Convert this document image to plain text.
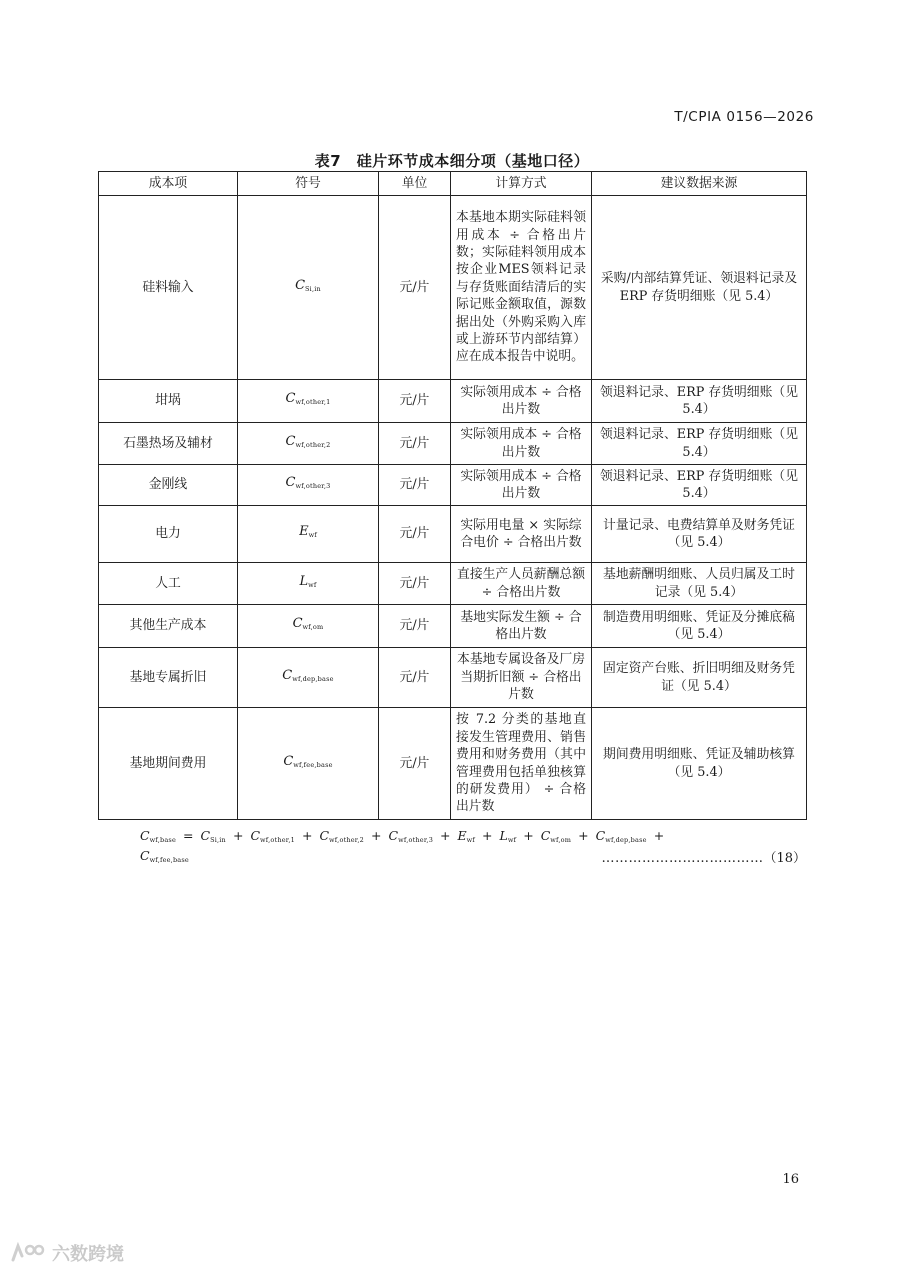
T/CPIA 0156—2026
表7　硅片环节成本细分项（基地口径）
成本项	符号	单位	计算方式	建议数据来源
硅料输入	$C_{Si,in}$	元/片	本基地本期实际硅料领用成本 ÷ 合格出片数；实际硅料领用成本按企业MES领料记录与存货账面结清后的实际记账金额取值，源数据出处（外购采购入库或上游环节内部结算）应在成本报告中说明。	采购/内部结算凭证、领退料记录及 ERP 存货明细账（见 5.4）
坩埚	$C_{wf,other,1}$	元/片	实际领用成本 ÷ 合格出片数	领退料记录、ERP 存货明细账（见 5.4）
石墨热场及辅材	$C_{wf,other,2}$	元/片	实际领用成本 ÷ 合格出片数	领退料记录、ERP 存货明细账（见 5.4）
金刚线	$C_{wf,other,3}$	元/片	实际领用成本 ÷ 合格出片数	领退料记录、ERP 存货明细账（见 5.4）
电力	$E_{wf}$	元/片	实际用电量 × 实际综合电价 ÷ 合格出片数	计量记录、电费结算单及财务凭证（见 5.4）
人工	$L_{wf}$	元/片	直接生产人员薪酬总额 ÷ 合格出片数	基地薪酬明细账、人员归属及工时记录（见 5.4）
其他生产成本	$C_{wf,om}$	元/片	基地实际发生额 ÷ 合格出片数	制造费用明细账、凭证及分摊底稿（见 5.4）
基地专属折旧	$C_{wf,dep,base}$	元/片	本基地专属设备及厂房当期折旧额 ÷ 合格出片数	固定资产台账、折旧明细及财务凭证（见 5.4）
基地期间费用	$C_{wf,fee,base}$	元/片	按 7.2 分类的基地直接发生管理费用、销售费用和财务费用（其中管理费用包括单独核算的研发费用） ÷ 合格出片数	期间费用明细账、凭证及辅助核算（见 5.4）
$C_{wf,base} = C_{Si,in} + C_{wf,other,1} + C_{wf,other,2} + C_{wf,other,3} + E_{wf} + L_{wf} + C_{wf,om} + C_{wf,dep,base}$ +
$C_{wf,fee,base}$	………………………………（18）
16
六数跨境
